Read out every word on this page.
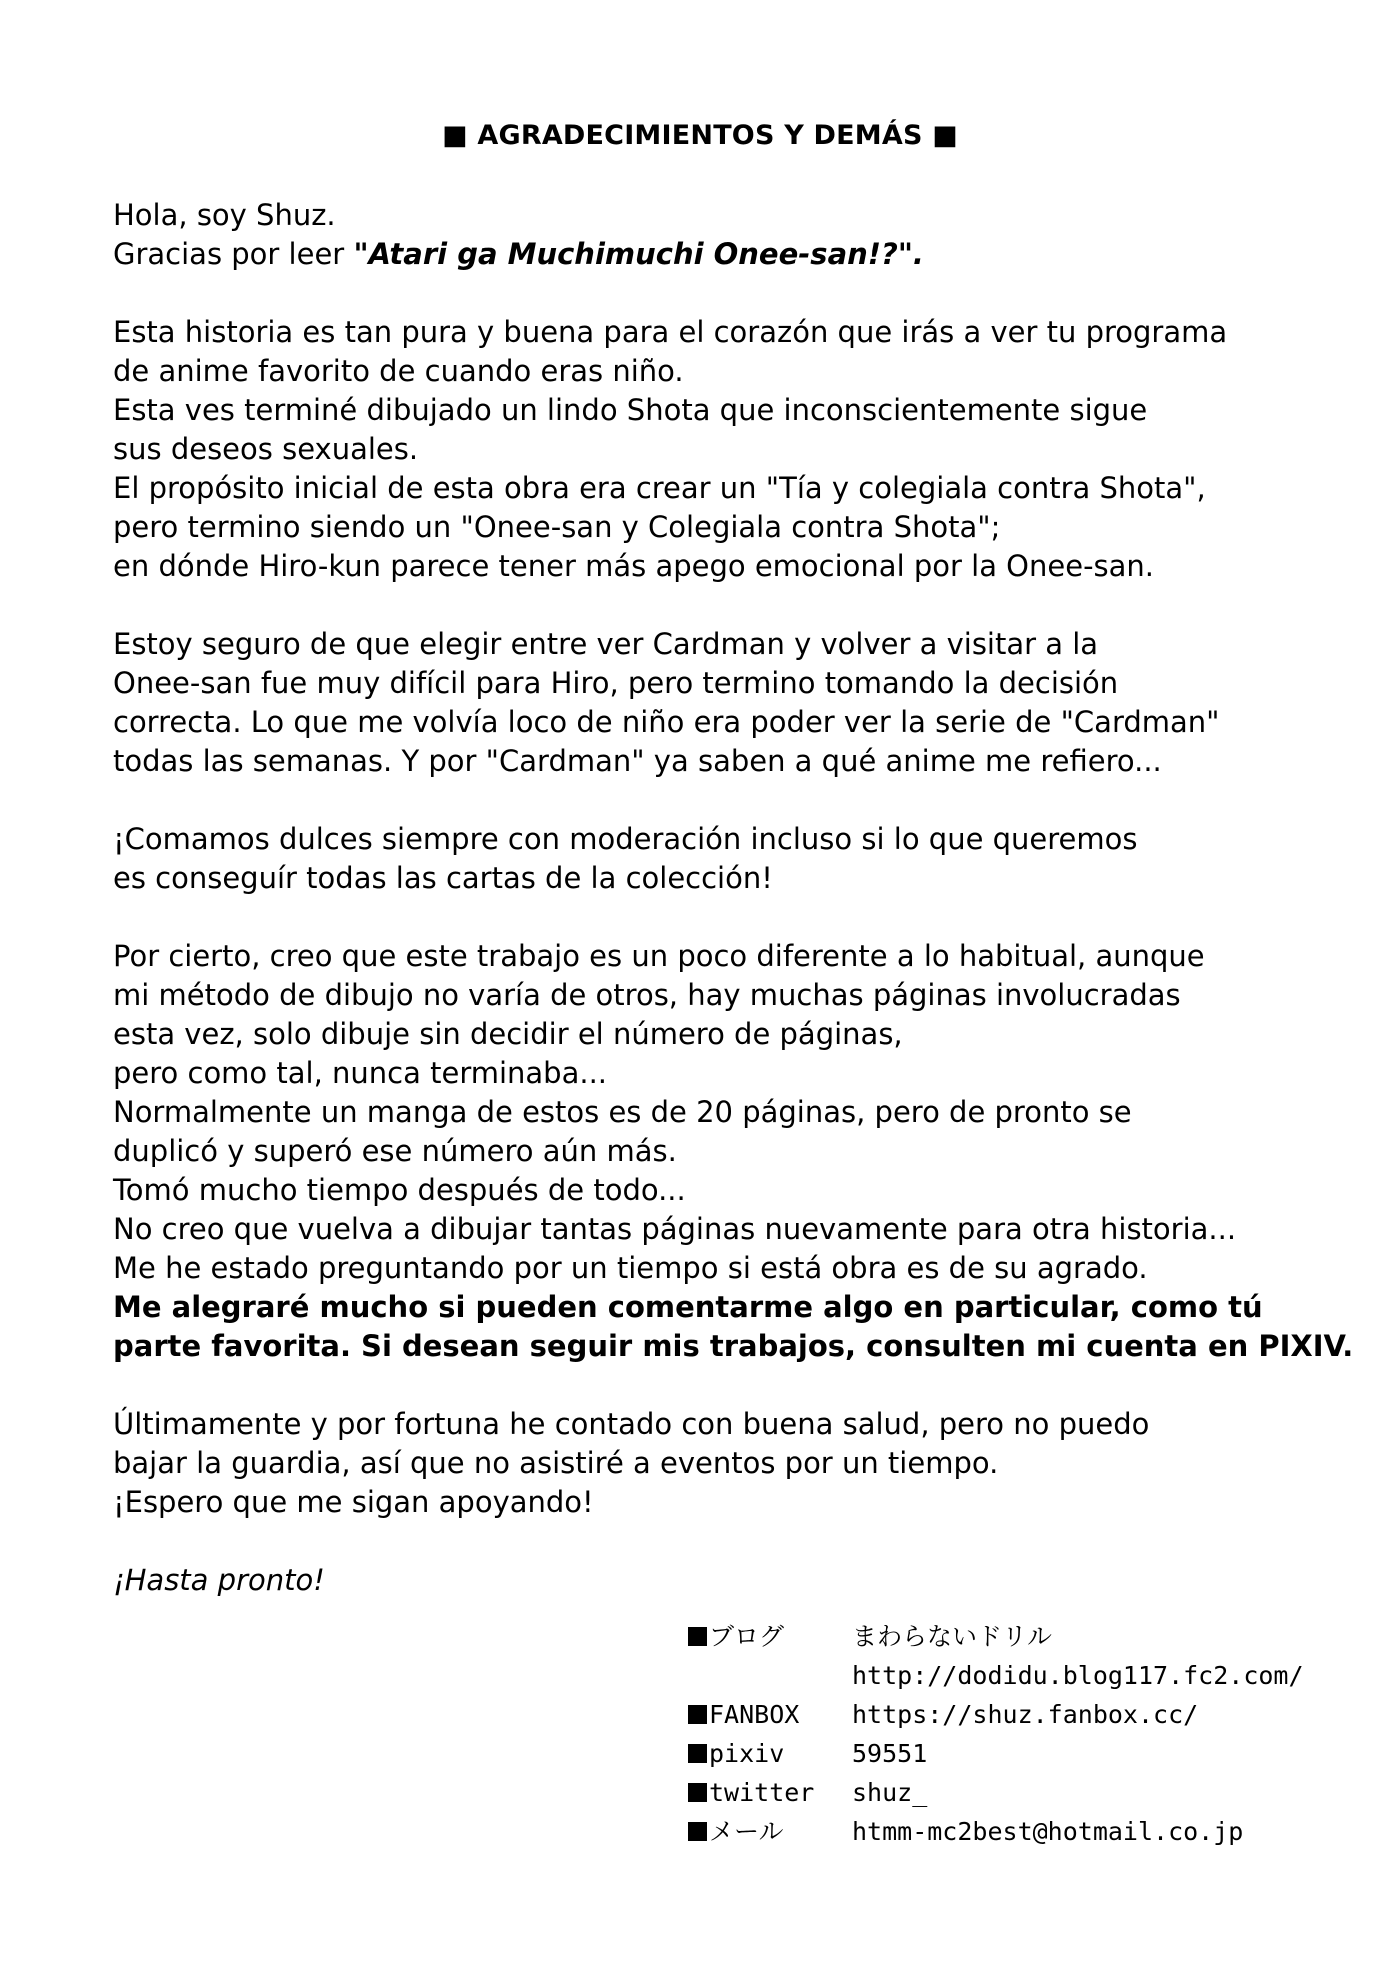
■ AGRADECIMIENTOS Y DEMÁS ■
Hola, soy Shuz.
Gracias por leer "Atari ga Muchimuchi Onee-san!?".
Esta historia es tan pura y buena para el corazón que irás a ver tu programa
de anime favorito de cuando eras niño.
Esta ves terminé dibujado un lindo Shota que inconscientemente sigue
sus deseos sexuales.
El propósito inicial de esta obra era crear un "Tía y colegiala contra Shota",
pero termino siendo un "Onee-san y Colegiala contra Shota";
en dónde Hiro-kun parece tener más apego emocional por la Onee-san.
Estoy seguro de que elegir entre ver Cardman y volver a visitar a la
Onee-san fue muy difícil para Hiro, pero termino tomando la decisión
correcta. Lo que me volvía loco de niño era poder ver la serie de "Cardman"
todas las semanas. Y por "Cardman" ya saben a qué anime me refiero...
¡Comamos dulces siempre con moderación incluso si lo que queremos
es conseguír todas las cartas de la colección!
Por cierto, creo que este trabajo es un poco diferente a lo habitual, aunque
mi método de dibujo no varía de otros, hay muchas páginas involucradas
esta vez, solo dibuje sin decidir el número de páginas,
pero como tal, nunca terminaba...
Normalmente un manga de estos es de 20 páginas, pero de pronto se
duplicó y superó ese número aún más.
Tomó mucho tiempo después de todo...
No creo que vuelva a dibujar tantas páginas nuevamente para otra historia...
Me he estado preguntando por un tiempo si está obra es de su agrado.
Me alegraré mucho si pueden comentarme algo en particular, como tú
parte favorita. Si desean seguir mis trabajos, consulten mi cuenta en PIXIV.
Últimamente y por fortuna he contado con buena salud, pero no puedo
bajar la guardia, así que no asistiré a eventos por un tiempo.
¡Espero que me sigan apoyando!
¡Hasta pronto!
ブログ	まわらないドリル
http://dodidu.blog117.fc2.com/
FANBOX https://shuz.fanbox.cc/
pixiv	59551
twitter shuz_
メール	htmm-mc2best@hotmail.co.jp
